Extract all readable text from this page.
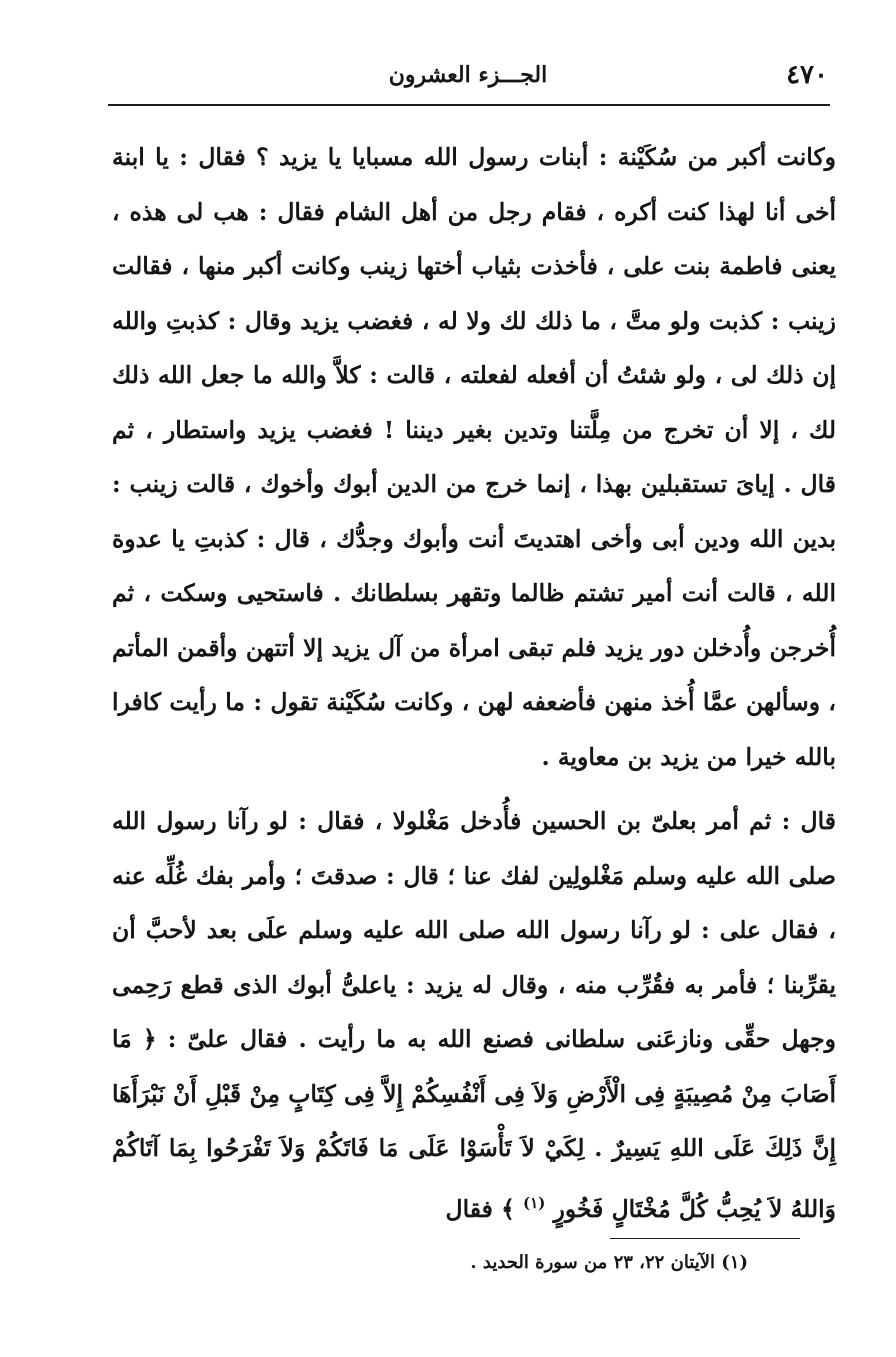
٤٧٠
الجـــزء العشرون

وكانت أكبر من سُكَيْنة : أبنات رسول الله مسبايا يا يزيد ؟ فقال : يا ابنة أخى أنا لهذا كنت أكره ، فقام رجل من أهل الشام فقال : هب لى هذه ، يعنى فاطمة بنت على ، فأخذت بثياب أختها زينب وكانت أكبر منها ، فقالت زينب : كذبت ولو متَّ ، ما ذلك لك ولا له ، فغضب يزيد وقال : كذبتِ والله إن ذلك لى ، ولو شئتُ أن أفعله لفعلته ، قالت : كلاَّ والله ما جعل الله ذلك لك ، إلا أن تخرج من مِلَّتنا وتدين بغير ديننا ! فغضب يزيد واستطار ، ثم قال . إياىَ تستقبلين بهذا ، إنما خرج من الدين أبوك وأخوك ، قالت زينب : بدين الله ودين أبى وأخى اهتديتَ أنت وأبوك وجدُّك ، قال : كذبتِ يا عدوة الله ، قالت أنت أمير تشتم ظالما وتقهر بسلطانك . فاستحيى وسكت ، ثم أُخرجن وأُدخلن دور يزيد فلم تبقى امرأة من آل يزيد إلا أتتهن وأقمن المأتم ، وسألهن عمَّا أُخذ منهن فأضعفه لهن ، وكانت سُكَيْنة تقول : ما رأيت كافرا بالله خيرا من يزيد بن معاوية .

قال : ثم أمر بعلىّ بن الحسين فأُدخل مَغْلولا ، فقال : لو رآنا رسول الله صلى الله عليه وسلم مَغْلولِين لفك عنا ؛ قال : صدقتَ ؛ وأمر بفك غُلِّه عنه ، فقال على : لو رآنا رسول الله صلى الله عليه وسلم علَى بعد لأحبَّ أن يقرِّبنا ؛ فأمر به فقُرِّب منه ، وقال له يزيد : ياعلىُّ أبوك الذى قطع رَحِمى وجهل حقِّى ونازعَنى سلطانى فصنع الله به ما رأيت . فقال علىّ : ﴿ مَا أَصَابَ مِنْ مُصِيبَةٍ فِى الْأَرْضِ وَلاَ فِى أَنْفُسِكُمْ إِلاَّ فِى كِتَابٍ مِنْ قَبْلِ أَنْ نَبْرَأَهَا إِنَّ ذَلِكَ عَلَى اللهِ يَسِيرٌ . لِكَيْ لاَ تَأْسَوْا عَلَى مَا فَاتَكُمْ وَلاَ تَفْرَحُوا بِمَا آتَاكُمْ وَاللهُ لاَ يُحِبُّ كُلَّ مُخْتَالٍ فَخُورٍ $^{(١)}$ ﴾ فقال

(١) الآيتان ٢٢، ٢٣ من سورة الحديد .
